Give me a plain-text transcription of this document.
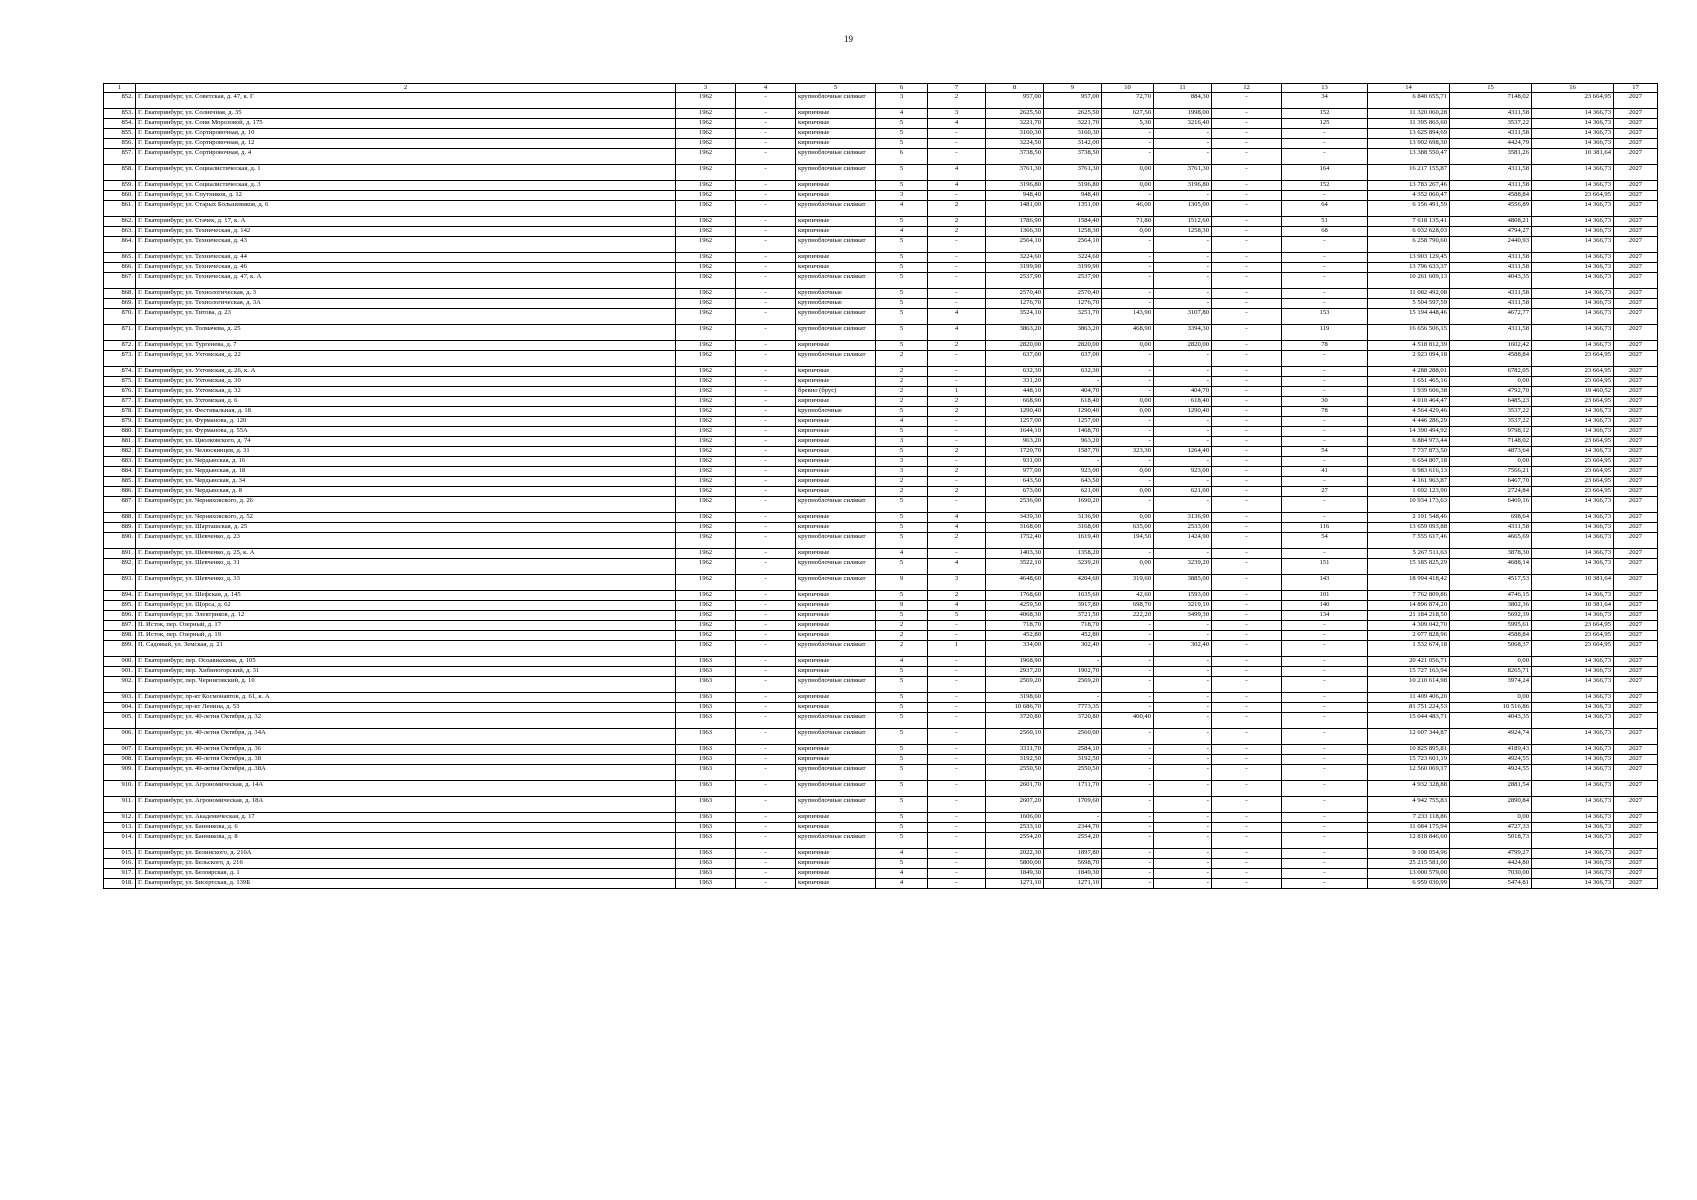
19
1	2	3	4	5	6	7	8	9	10	11	12	13	14	15	16	17
852.	Г. Екатеринбург, ул. Советская, д. 47, к. Г	1962	-	крупноблочные силикат	3	2	957,00	957,00	72,70	884,30	-	34	6 840 655,71	7148,02	23 664,95	2027
853.	Г. Екатеринбург, ул. Солнечная, д. 35	1962	-	кирпичные	4	3	2625,50	2625,50	627,50	1998,00	-	152	11 320 060,28	4311,58	14 366,73	2027
854.	Г. Екатеринбург, ул. Сони Морозовой, д. 175	1962	-	кирпичные	5	4	3221,70	3221,70	5,30	3216,40	-	125	11 395 863,60	3537,22	14 366,73	2027
855.	Г. Екатеринбург, ул. Сортировочная, д. 10	1962	-	кирпичные	5	-	3160,30	3160,30	-	-	-	-	13 625 894,69	4311,58	14 366,73	2027
856.	Г. Екатеринбург, ул. Сортировочная, д. 12	1962	-	кирпичные	5	-	3224,50	3142,00	-	-	-	-	13 902 698,30	4424,79	14 366,73	2027
857.	Г. Екатеринбург, ул. Сортировочная, д. 4	1962	-	крупноблочные силикат	6	-	3738,50	3738,50	-	-	-	-	13 388 550,47	3581,26	10 381,64	2027
858.	Г. Екатеринбург, ул. Социалистическая, д. 1	1962	-	крупноблочные силикат	5	4	3761,30	3761,30	0,00	3761,30	-	164	16 217 155,87	4311,58	14 366,73	2027
859.	Г. Екатеринбург, ул. Социалистическая, д. 3	1962	-	кирпичные	5	4	3196,80	3196,80	0,00	3196,80	-	152	13 783 267,46	4311,58	14 366,73	2027
860.	Г. Екатеринбург, ул. Спутников, д. 12	1962	-	кирпичные	3	-	948,40	948,40	-	-	-	-	4 352 060,47	4588,84	23 664,95	2027
861.	Г. Екатеринбург, ул. Старых Большевиков, д. 6	1962	-	крупноблочные силикат	4	2	1481,00	1351,00	46,00	1305,00	-	64	6 156 491,59	4556,89	14 366,73	2027
862.	Г. Екатеринбург, ул. Стачек, д. 17, к. А	1962	-	кирпичные	5	2	1786,90	1584,40	71,80	1512,60	-	51	7 618 135,41	4808,21	14 366,73	2027
863.	Г. Екатеринбург, ул. Техническая, д. 142	1962	-	кирпичные	4	2	1366,30	1258,30	0,00	1258,30	-	68	6 032 628,03	4794,27	14 366,73	2027
864.	Г. Екатеринбург, ул. Техническая, д. 43	1962	-	крупноблочные силикат	5	-	2564,10	2564,10	-	-	-	-	6 258 790,60	2440,93	14 366,73	2027
865.	Г. Екатеринбург, ул. Техническая, д. 44	1962	-	кирпичные	5	-	3224,60	3224,60	-	-	-	-	13 903 129,45	4311,58	14 366,73	2027
866.	Г. Екатеринбург, ул. Техническая, д. 46	1962	-	кирпичные	5	-	3199,90	3199,90	-	-	-	-	13 796 633,37	4311,58	14 366,73	2027
867.	Г. Екатеринбург, ул. Техническая, д. 47, к. А	1962	-	крупноблочные силикат	5	-	2537,90	2537,90	-	-	-	-	10 261 609,13	4043,35	14 366,73	2027
868.	Г. Екатеринбург, ул. Технологическая, д. 3	1962	-	крупноблочные	5	-	2570,40	2570,40	-	-	-	-	11 082 492,08	4311,58	14 366,73	2027
869.	Г. Екатеринбург, ул. Технологическая, д. 3А	1962	-	крупноблочные	5	-	1276,70	1276,70	-	-	-	-	5 504 597,59	4311,58	14 366,73	2027
870.	Г. Екатеринбург, ул. Титова, д. 23	1962	-	крупноблочные силикат	5	4	3524,10	3251,70	143,90	3107,80	-	153	15 194 448,46	4672,77	14 366,73	2027
871.	Г. Екатеринбург, ул. Толмачева, д. 25	1962	-	крупноблочные силикат	5	4	3863,20	3863,20	468,90	3394,30	-	119	16 656 506,15	4311,58	14 366,73	2027
872.	Г. Екатеринбург, ул. Тургенева, д. 7	1962	-	кирпичные	5	2	2820,00	2820,00	0,00	2820,00	-	78	4 518 812,39	1602,42	14 366,73	2027
873.	Г. Екатеринбург, ул. Ухтомская, д. 22	1962	-	крупноблочные силикат	2	-	637,00	637,00	-	-	-	-	2 923 094,18	4588,84	23 664,95	2027
874.	Г. Екатеринбург, ул. Ухтомская, д. 26, к. А	1962	-	кирпичные	2	-	632,30	632,30	-	-	-	-	4 288 288,01	6782,05	23 664,95	2027
875.	Г. Екатеринбург, ул. Ухтомская, д. 30	1962	-	кирпичные	2	-	331,20	-	-	-	-	-	1 651 465,16	0,00	23 664,95	2027
876.	Г. Екатеринбург, ул. Ухтомская, д. 32	1962	-	бревно (брус)	2	1	448,10	404,70	-	404,70	-	-	1 939 606,38	4792,70	19 460,52	2027
877.	Г. Екатеринбург, ул. Ухтомская, д. 6	1962	-	кирпичные	2	2	668,90	618,40	0,00	618,40	-	30	4 010 464,47	6485,23	23 664,95	2027
878.	Г. Екатеринбург, ул. Фестивальная, д. 18	1962	-	крупноблочные	5	2	1290,40	1290,40	0,00	1290,40	-	78	4 564 429,46	3537,22	14 366,73	2027
879.	Г. Екатеринбург, ул. Фурманова, д. 120	1962	-	кирпичные	4	-	1257,00	1257,00	-	-	-	-	4 446 286,29	3537,22	14 366,73	2027
880.	Г. Екатеринбург, ул. Фурманова, д. 55А	1962	-	кирпичные	5	-	1644,10	1468,70	-	-	-	-	14 390 494,92	9798,12	14 366,73	2027
881.	Г. Екатеринбург, ул. Циолковского, д. 74	1962	-	кирпичные	3	-	963,20	963,20	-	-	-	-	6 884 973,44	7148,02	23 664,95	2027
882.	Г. Екатеринбург, ул. Челюскинцев, д. 31	1962	-	кирпичные	5	2	1720,70	1587,70	323,30	1264,40	-	54	7 737 873,50	4873,64	14 366,73	2027
883.	Г. Екатеринбург, ул. Чердынская, д. 16	1962	-	кирпичные	3	-	931,00	-	-	-	-	-	6 654 807,18	0,00	23 664,95	2027
884.	Г. Екатеринбург, ул. Чердынская, д. 18	1962	-	кирпичные	3	2	977,00	923,00	0,00	923,00	-	41	6 983 616,13	7566,21	23 664,95	2027
885.	Г. Екатеринбург, ул. Чердынская, д. 34	1962	-	кирпичные	2	-	643,50	643,50	-	-	-	-	4 161 963,87	6467,70	23 664,95	2027
886.	Г. Екатеринбург, ул. Чердынская, д. 8	1962	-	кирпичные	2	2	673,00	621,00	0,00	621,00	-	27	1 692 123,90	2724,84	23 664,95	2027
887.	Г. Екатеринбург, ул. Черняховского, д. 26	1962	-	крупноблочные силикат	5	-	2536,00	1690,20	-	-	-	-	10 934 173,63	6469,16	14 366,73	2027
888.	Г. Екатеринбург, ул. Черняховского, д. 52	1962	-	кирпичные	5	4	3439,30	3136,90	0,00	3136,90	-	-	2 191 548,46	698,64	14 366,73	2027
889.	Г. Екатеринбург, ул. Шарташская, д. 25	1962	-	кирпичные	5	4	3168,00	3168,00	635,00	2533,00	-	116	13 659 093,88	4311,58	14 366,73	2027
890.	Г. Екатеринбург, ул. Шевченко, д. 23	1962	-	крупноблочные силикат	5	2	1752,40	1619,40	194,50	1424,90	-	54	7 555 617,46	4665,69	14 366,73	2027
891.	Г. Екатеринбург, ул. Шевченко, д. 25, к. А	1962	-	кирпичные	4	-	1403,30	1358,20	-	-	-	-	5 267 511,63	3878,30	14 366,73	2027
892.	Г. Екатеринбург, ул. Шевченко, д. 31	1962	-	крупноблочные силикат	5	4	3522,10	3239,20	0,00	3239,20	-	151	15 185 825,29	4688,14	14 366,73	2027
893.	Г. Екатеринбург, ул. Шевченко, д. 33	1962	-	крупноблочные силикат	9	3	4648,60	4204,60	319,60	3885,00	-	143	18 994 418,42	4517,53	10 381,64	2027
894.	Г. Екатеринбург, ул. Шефская, д. 145	1962	-	кирпичные	5	2	1768,60	1635,60	42,60	1593,00	-	101	7 762 809,86	4746,15	14 366,73	2027
895.	Г. Екатеринбург, ул. Щорса, д. 62	1962	-	кирпичные	9	4	4259,50	3917,80	698,70	3219,10	-	140	14 896 874,20	3802,36	10 381,64	2027
896.	Г. Екатеринбург, ул. Электриков, д. 12	1962	-	кирпичные	5	5	4068,30	3721,50	222,20	3499,30	-	134	21 184 218,50	5692,39	14 366,73	2027
897.	П. Исток, пер. Озерный, д. 17	1962	-	кирпичные	2	-	718,70	718,70	-	-	-	-	4 309 042,70	5995,61	23 664,95	2027
898.	П. Исток, пер. Озерный, д. 19	1962	-	кирпичные	2	-	452,80	452,80	-	-	-	-	2 077 828,96	4588,84	23 664,95	2027
899.	П. Садовый, ул. Земская, д. 21	1962	-	крупноблочные силикат	2	1	334,00	302,40	-	302,40	-	-	1 532 674,18	5068,37	23 664,95	2027
900.	Г. Екатеринбург, пер. Осоавиахима, д. 105	1963	-	кирпичные	4	-	1968,90	-	-	-	-	-	20 421 056,71	0,00	14 366,73	2027
901.	Г. Екатеринбург, пер. Хибиногорский, д. 31	1963	-	кирпичные	5	-	2937,20	1902,70	-	-	-	-	15 727 163,94	8265,71	14 366,73	2027
902.	Г. Екатеринбург, пер. Черниговский, д. 10	1963	-	крупноблочные силикат	5	-	2569,20	2569,20	-	-	-	-	10 210 614,98	3974,24	14 366,73	2027
903.	Г. Екатеринбург, пр-кт Космонавтов, д. 61, к. А	1963	-	кирпичные	5	-	3198,60	-	-	-	-	-	11 409 406,20	0,00	14 366,73	2027
904.	Г. Екатеринбург, пр-кт Ленина, д. 53	1963	-	кирпичные	5	-	10 686,70	7773,35	-	-	-	-	81 751 224,53	10 516,86	14 366,73	2027
905.	Г. Екатеринбург, ул. 40-летия Октября, д. 32	1963	-	крупноблочные силикат	5	-	3720,80	3720,80	400,40	-	-	-	15 044 483,71	4043,35	14 366,73	2027
906.	Г. Екатеринбург, ул. 40-летия Октября, д. 34А	1963	-	крупноблочные силикат	5	-	2560,10	2560,00	-	-	-	-	12 607 344,87	4924,74	14 366,73	2027
907.	Г. Екатеринбург, ул. 40-летия Октября, д. 36	1963	-	кирпичные	5	-	3311,70	2584,10	-	-	-	-	10 825 895,81	4189,43	14 366,73	2027
908.	Г. Екатеринбург, ул. 40-летия Октября, д. 38	1963	-	кирпичные	5	-	3192,50	3192,50	-	-	-	-	15 723 601,19	4924,55	14 366,73	2027
909.	Г. Екатеринбург, ул. 40-летия Октября, д. 38А	1963	-	крупноблочные силикат	5	-	2550,50	2550,50	-	-	-	-	12 560 069,17	4924,55	14 366,73	2027
910.	Г. Екатеринбург, ул. Агрономическая, д. 14А	1963	-	крупноблочные силикат	5	-	2601,70	1711,70	-	-	-	-	4 932 328,88	2881,54	14 366,73	2027
911.	Г. Екатеринбург, ул. Агрономическая, д. 18А	1963	-	крупноблочные силикат	5	-	2607,20	1709,60	-	-	-	-	4 942 755,83	2890,84	14 366,73	2027
912.	Г. Екатеринбург, ул. Академическая, д. 17	1963	-	кирпичные	5	-	1606,00	-	-	-	-	-	7 233 118,86	0,00	14 366,73	2027
913.	Г. Екатеринбург, ул. Банникова, д. 6	1963	-	кирпичные	5	-	2533,10	2344,70	-	-	-	-	11 084 175,94	4727,33	14 366,73	2027
914.	Г. Екатеринбург, ул. Банникова, д. 8	1963	-	крупноблочные силикат	5	-	2554,20	2554,20	-	-	-	-	12 818 846,60	5018,73	14 366,73	2027
915.	Г. Екатеринбург, ул. Белинского, д. 210А	1963	-	кирпичные	4	-	2022,30	1897,80	-	-	-	-	9 108 054,96	4799,27	14 366,73	2027
916.	Г. Екатеринбург, ул. Бельского, д. 216	1963	-	кирпичные	5	-	5800,00	5698,70	-	-	-	-	25 215 581,00	4424,80	14 366,73	2027
917.	Г. Екатеринбург, ул. Белоярская, д. 1	1963	-	кирпичные	4	-	1849,30	1849,30	-	-	-	-	13 000 579,00	7030,00	14 366,73	2027
918.	Г. Екатеринбург, ул. Бисертская, д. 139Б	1963	-	кирпичные	4	-	1271,10	1271,10	-	-	-	-	6 959 030,99	5474,81	14 366,73	2027
